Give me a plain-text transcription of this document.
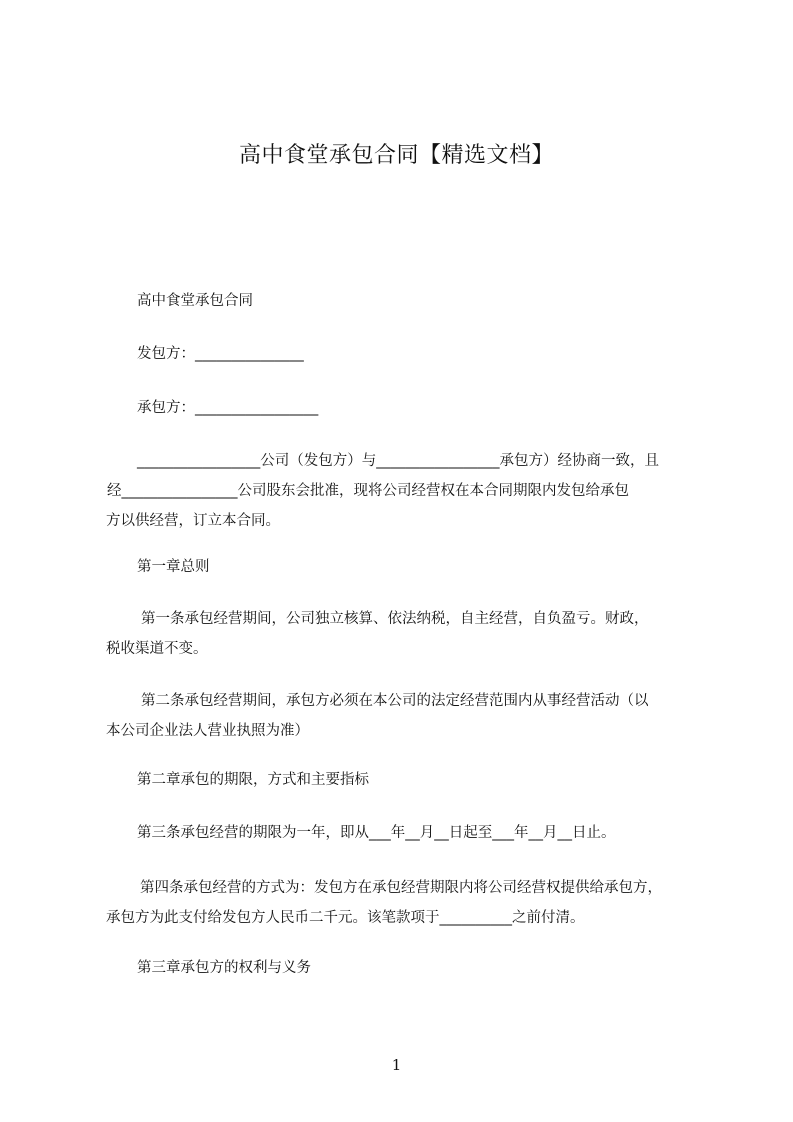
高中食堂承包合同【精选文档】
高中食堂承包合同
发包方：_______________
承包方：_________________
_________________公司（发包方）与_________________承包方）经协商一致，且
经________________公司股东会批准，现将公司经营权在本合同期限内发包给承包
方以供经营，订立本合同。
第一章总则
第一条承包经营期间，公司独立核算、依法纳税，自主经营，自负盈亏。财政，
税收渠道不变。
第二条承包经营期间，承包方必须在本公司的法定经营范围内从事经营活动（以
本公司企业法人营业执照为准）
第二章承包的期限，方式和主要指标
第三条承包经营的期限为一年，即从___年__月__日起至___年__月__日止。
第四条承包经营的方式为：发包方在承包经营期限内将公司经营权提供给承包方，
承包方为此支付给发包方人民币二千元。该笔款项于__________之前付清。
第三章承包方的权利与义务
1
